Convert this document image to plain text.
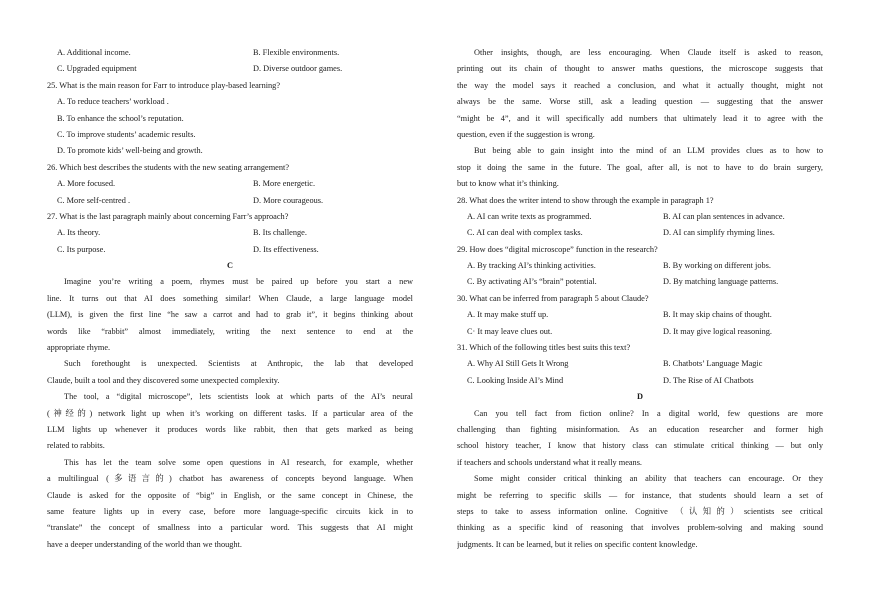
A. Additional income.	B. Flexible environments.
C. Upgraded equipment	D. Diverse outdoor games.
25. What is the main reason for Farr to introduce play-based learning?
A. To reduce teachers’ workload .
B. To enhance the school’s reputation.
C. To improve students’ academic results.
D. To promote kids’ well-being and growth.
26. Which best describes the students with the new seating arrangement?
A. More focused.	B. More energetic.
C. More self-centred .	D. More courageous.
27. What is the last paragraph mainly about concerning Farr’s approach?
A. Its theory.	B. Its challenge.
C. Its purpose.	D. Its effectiveness.
C
Imagine you’re writing a poem, rhymes must be paired up before you start a new
line. It turns out that AI does something similar! When Claude, a large language model
(LLM), is given the first line “he saw a carrot and had to grab it”, it begins thinking about
words like “rabbit” almost immediately, writing the next sentence to end at the
appropriate rhyme.
Such forethought is unexpected. Scientists at Anthropic, the lab that developed
Claude, built a tool and they discovered some unexpected complexity.
The tool, a “digital microscope”, lets scientists look at which parts of the AI’s neural
(神经的) network light up when it’s working on different tasks. If a particular area of the
LLM lights up whenever it produces words like rabbit, then that gets marked as being
related to rabbits.
This has let the team solve some open questions in AI research, for example, whether
a multilingual (多语言的) chatbot has awareness of concepts beyond language. When
Claude is asked for the opposite of “big” in English, or the same concept in Chinese, the
same feature lights up in every case, before more language-specific circuits kick in to
“translate” the concept of smallness into a particular word. This suggests that AI might
have a deeper understanding of the world than we thought.
Other insights, though, are less encouraging. When Claude itself is asked to reason,
printing out its chain of thought to answer maths questions, the microscope suggests that
the way the model says it reached a conclusion, and what it actually thought, might not
always be the same. Worse still, ask a leading question — suggesting that the answer
“might be 4”, and it will specifically add numbers that ultimately lead it to agree with the
question, even if the suggestion is wrong.
But being able to gain insight into the mind of an LLM provides clues as to how to
stop it doing the same in the future. The goal, after all, is not to have to do brain surgery,
but to know what it’s thinking.
28. What does the writer intend to show through the example in paragraph 1?
A. AI can write texts as programmed.	B. AI can plan sentences in advance.
C. AI can deal with complex tasks.	D. AI can simplify rhyming lines.
29. How does “digital microscope” function in the research?
A. By tracking AI’s thinking activities.	B. By working on different jobs.
C. By activating AI’s “brain” potential.	D. By matching language patterns.
30. What can be inferred from paragraph 5 about Claude?
A. It may make stuff up.	B. It may skip chains of thought.
C· It may leave clues out.	D. It may give logical reasoning.
31. Which of the following titles best suits this text?
A. Why AI Still Gets It Wrong	B. Chatbots’ Language Magic
C. Looking Inside AI’s Mind	D. The Rise of AI Chatbots
D
Can you tell fact from fiction online? In a digital world, few questions are more
challenging than fighting misinformation. As an education researcher and former high
school history teacher, I know that history class can stimulate critical thinking — but only
if teachers and schools understand what it really means.
Some might consider critical thinking an ability that teachers can encourage. Or they
might be referring to specific skills — for instance, that students should learn a set of
steps to take to assess information online. Cognitive （认知的）scientists see critical
thinking as a specific kind of reasoning that involves problem-solving and making sound
judgments. It can be learned, but it relies on specific content knowledge.
